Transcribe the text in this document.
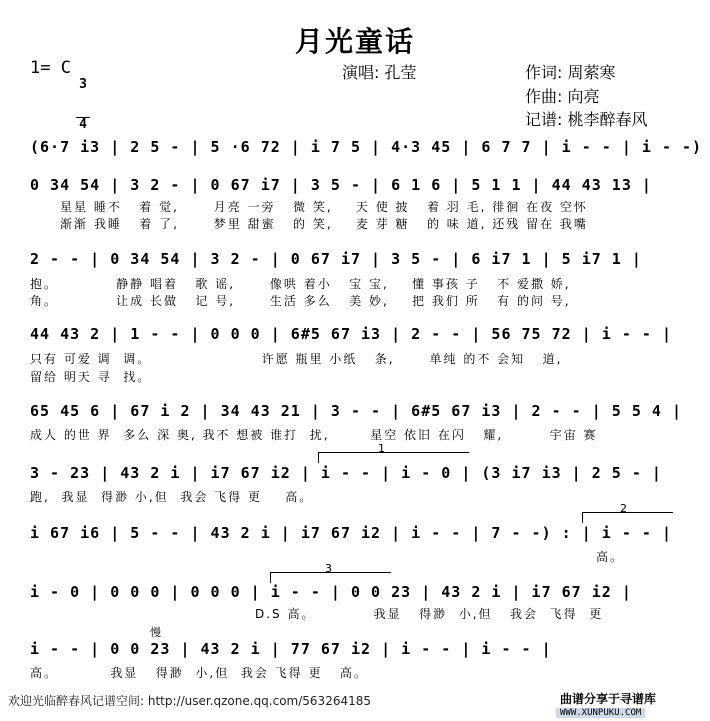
月光童话
1= C

3

4

演唱: 孔莹	作词: 周萦寒
作曲: 向亮
记谱: 桃李醉春风
(6·7 i3 | 2 5 - | 5 ·6 72 | i 7 5 | 4·3 45 | 6 7 7 | i - - | i - -)
0 34 54 | 3 2 - | 0 67 i7 | 3 5 - | 6 1 6 | 5 1 1 | 44 43 13 |
星星 睡不   着 觉,      月亮 一旁   微 笑,    天 使 披   着 羽 毛, 徘徊 在夜 空怀
渐渐 我睡   着 了,      梦里 甜蜜   的 笑,    麦 芽 糖   的 味 道, 还残 留在 我嘴
2 - - | 0 34 54 | 3 2 - | 0 67 i7 | 3 5 - | 6 i7 1 | 5 i7 1 |
抱。          静静 唱着   歌 谣,      像哄 着小   宝 宝,    懂 事孩 子   不 爱撒 娇,
角。          让成 长做   记 号,      生活 多么   美 妙,    把 我们 所   有 的问 号,
44 43 2 | 1 - - | 0 0 0 | 6#5 67 i3 | 2 - - | 56 75 72 | i - - |
只有 可爱 调  调。                   许愿 瓶里 小纸   条,      单纯 的不 会知   道,
留给 明天 寻  找。
65 45 6 | 67 i 2 | 34 43 21 | 3 - - | 6#5 67 i3 | 2 - - | 5 5 4 |
成人 的世 界  多么 深 奥, 我不 想被 谁打  扰,       星空 依旧 在闪   耀,        宇宙 赛
1
3 - 23 | 43 2 i | i7 67 i2 | i - - | i - 0 | (3 i7 i3 | 2 5 - |
跑,  我显  得渺 小,但  我会 飞得 更    高。
2
i 67 i6 | 5 - - | 43 2 i | i7 67 i2 | i - - | 7 - -) : | i - - |
高。
3
i - 0 | 0 0 0 | 0 0 0 | i - - | 0 0 23 | 43 2 i | i7 67 i2 |
D.S 高。          我显   得渺  小,但   我会  飞得  更
慢
i - - | 0 0 23 | 43 2 i | 77 67 i2 | i - - | i - - |
高。         我显   得渺  小,但  我会 飞得 更   高。
欢迎光临醉春风记谱空间: http://user.qzone.qq.com/563264185	曲谱分享于寻谱库
WWW.XUNPUKU.COM
